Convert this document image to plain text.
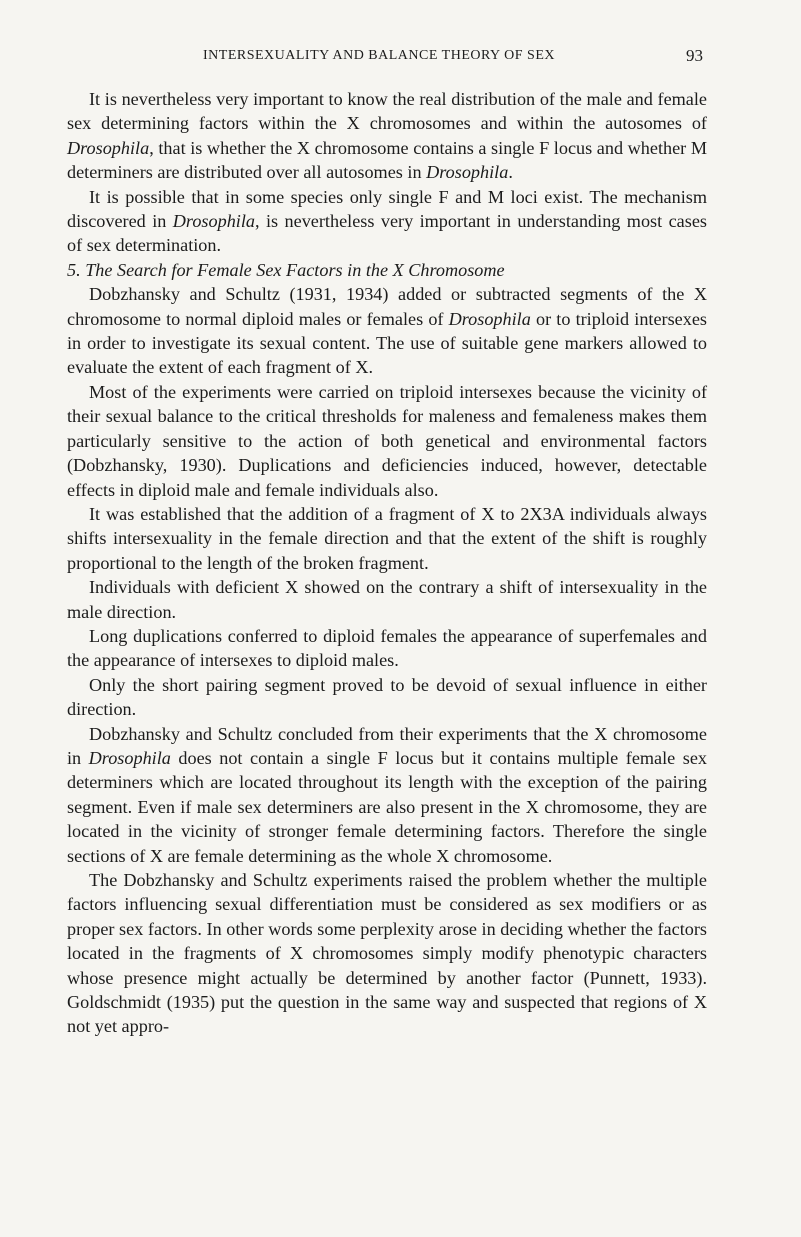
INTERSEXUALITY AND BALANCE THEORY OF SEX	93

It is nevertheless very important to know the real distribution of the male and female sex determining factors within the X chromosomes and within the autosomes of Drosophila, that is whether the X chromosome contains a single F locus and whether M determiners are distributed over all autosomes in Drosophila.

It is possible that in some species only single F and M loci exist. The mechanism discovered in Drosophila, is nevertheless very important in understanding most cases of sex determination.

5. The Search for Female Sex Factors in the X Chromosome

Dobzhansky and Schultz (1931, 1934) added or subtracted segments of the X chromosome to normal diploid males or females of Drosophila or to triploid intersexes in order to investigate its sexual content. The use of suitable gene markers allowed to evaluate the extent of each fragment of X.

Most of the experiments were carried on triploid intersexes because the vicinity of their sexual balance to the critical thresholds for maleness and femaleness makes them particularly sensitive to the action of both genetical and environmental factors (Dobzhansky, 1930). Duplications and deficiencies induced, however, detectable effects in diploid male and female individuals also.

It was established that the addition of a fragment of X to 2X3A individuals always shifts intersexuality in the female direction and that the extent of the shift is roughly proportional to the length of the broken fragment.

Individuals with deficient X showed on the contrary a shift of intersexuality in the male direction.

Long duplications conferred to diploid females the appearance of superfemales and the appearance of intersexes to diploid males.

Only the short pairing segment proved to be devoid of sexual influence in either direction.

Dobzhansky and Schultz concluded from their experiments that the X chromosome in Drosophila does not contain a single F locus but it contains multiple female sex determiners which are located throughout its length with the exception of the pairing segment. Even if male sex determiners are also present in the X chromosome, they are located in the vicinity of stronger female determining factors. Therefore the single sections of X are female determining as the whole X chromosome.

The Dobzhansky and Schultz experiments raised the problem whether the multiple factors influencing sexual differentiation must be considered as sex modifiers or as proper sex factors. In other words some perplexity arose in deciding whether the factors located in the fragments of X chromosomes simply modify phenotypic characters whose presence might actually be determined by another factor (Punnett, 1933). Goldschmidt (1935) put the question in the same way and suspected that regions of X not yet appro-
